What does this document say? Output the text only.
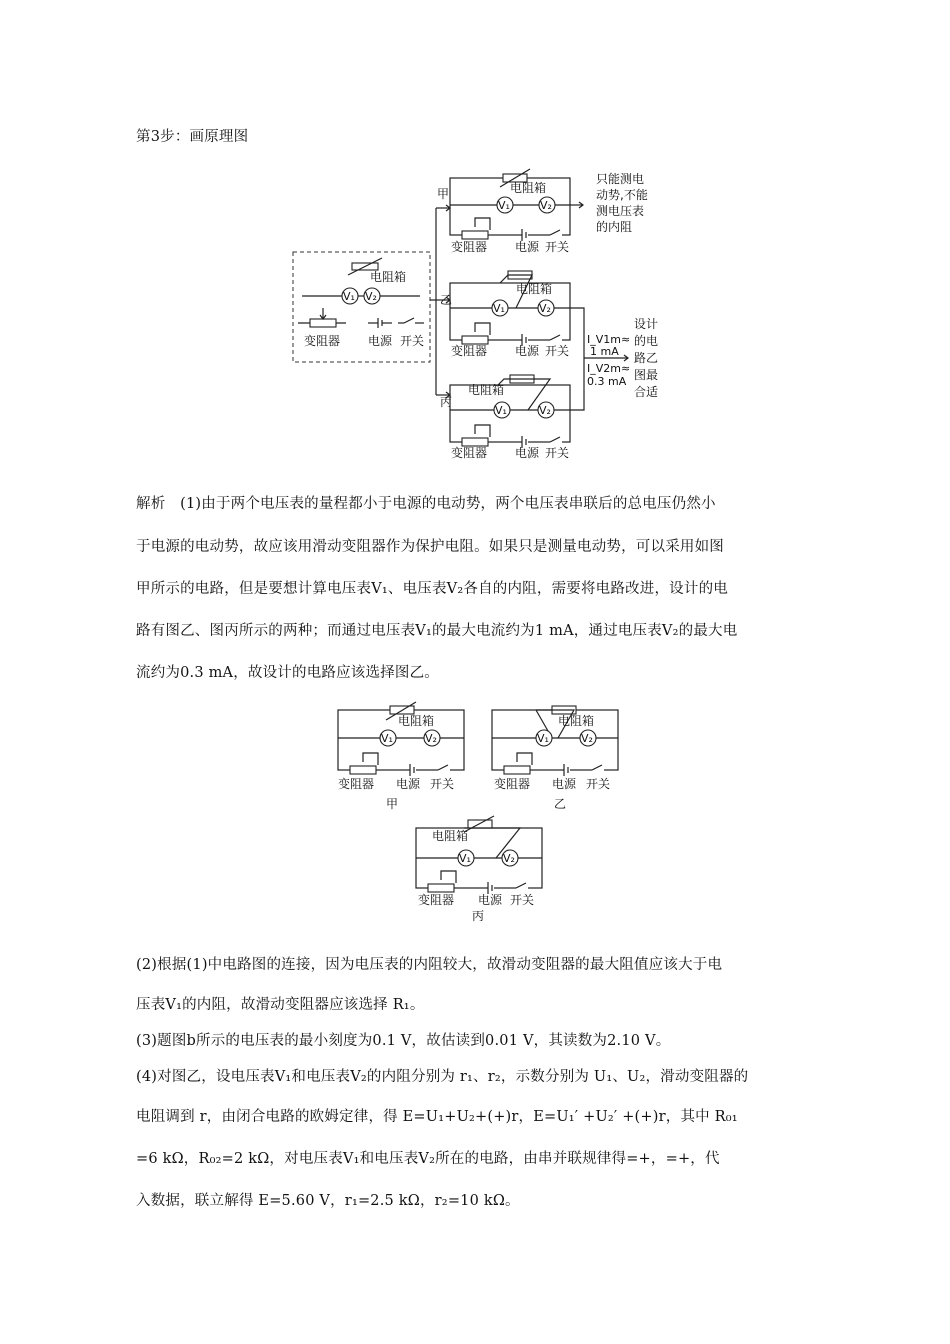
第3步：画原理图
电阻箱
V₁ V₂
变阻器 电源 开关
甲
乙
丙
电阻箱
V₁	V₂
变阻器 电源 开关
只能测电
动势,不能
测电压表
的内阻
电阻箱
V₁	V₂
变阻器 电源 开关
电阻箱
V₁	V₂
变阻器 电源 开关
I_V1m≈
1 mA
I_V2m≈
0.3 mA
设计
的电
路乙
图最
合适
解析　(1)由于两个电压表的量程都小于电源的电动势，两个电压表串联后的总电压仍然小
于电源的电动势，故应该用滑动变阻器作为保护电阻。如果只是测量电动势，可以采用如图
甲所示的电路，但是要想计算电压表V₁、电压表V₂各自的内阻，需要将电路改进，设计的电
路有图乙、图丙所示的两种；而通过电压表V₁的最大电流约为1 mA，通过电压表V₂的最大电
流约为0.3 mA，故设计的电路应该选择图乙。
电阻箱
V₁	V₂
变阻器 电源 开关
甲
电阻箱
V₁	V₂
变阻器 电源 开关
乙
电阻箱
V₁	V₂
变阻器 电源 开关
丙
(2)根据(1)中电路图的连接，因为电压表的内阻较大，故滑动变阻器的最大阻值应该大于电
压表V₁的内阻，故滑动变阻器应该选择 R₁。
(3)题图b所示的电压表的最小刻度为0.1 V，故估读到0.01 V，其读数为2.10 V。
(4)对图乙，设电压表V₁和电压表V₂的内阻分别为 r₁、r₂，示数分别为 U₁、U₂，滑动变阻器的
电阻调到 r，由闭合电路的欧姆定律，得 E=U₁+U₂+(+)r，E=U₁′ +U₂′ +(+)r，其中 R₀₁
=6 kΩ，R₀₂=2 kΩ，对电压表V₁和电压表V₂所在的电路，由串并联规律得=+，=+，代
入数据，联立解得 E=5.60 V，r₁=2.5 kΩ，r₂=10 kΩ。
